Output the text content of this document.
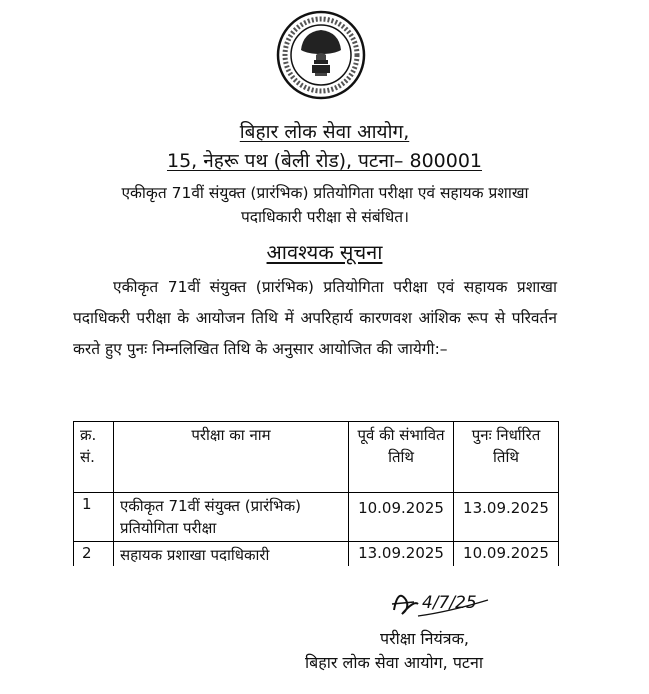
बिहार लोक सेवा आयोग,
15, नेहरू पथ (बेली रोड), पटना– 800001
एकीकृत 71वीं संयुक्त (प्रारंभिक) प्रतियोगिता परीक्षा एवं सहायक प्रशाखा पदाधिकारी परीक्षा से संबंधित।
आवश्यक सूचना
एकीकृत 71वीं संयुक्त (प्रारंभिक) प्रतियोगिता परीक्षा एवं सहायक प्रशाखा पदाधिकरी परीक्षा के आयोजन तिथि में अपरिहार्य कारणवश आंशिक रूप से परिवर्तन करते हुए पुनः निम्नलिखित तिथि के अनुसार आयोजित की जायेगी:–
क्र. सं.	परीक्षा का नाम	पूर्व की संभावित तिथि	पुनः निर्धारित तिथि
1	एकीकृत 71वीं संयुक्त (प्रारंभिक) प्रतियोगिता परीक्षा	10.09.2025	13.09.2025
2	सहायक प्रशाखा पदाधिकारी	13.09.2025	10.09.2025
4/7/25
परीक्षा नियंत्रक,
बिहार लोक सेवा आयोग, पटना
